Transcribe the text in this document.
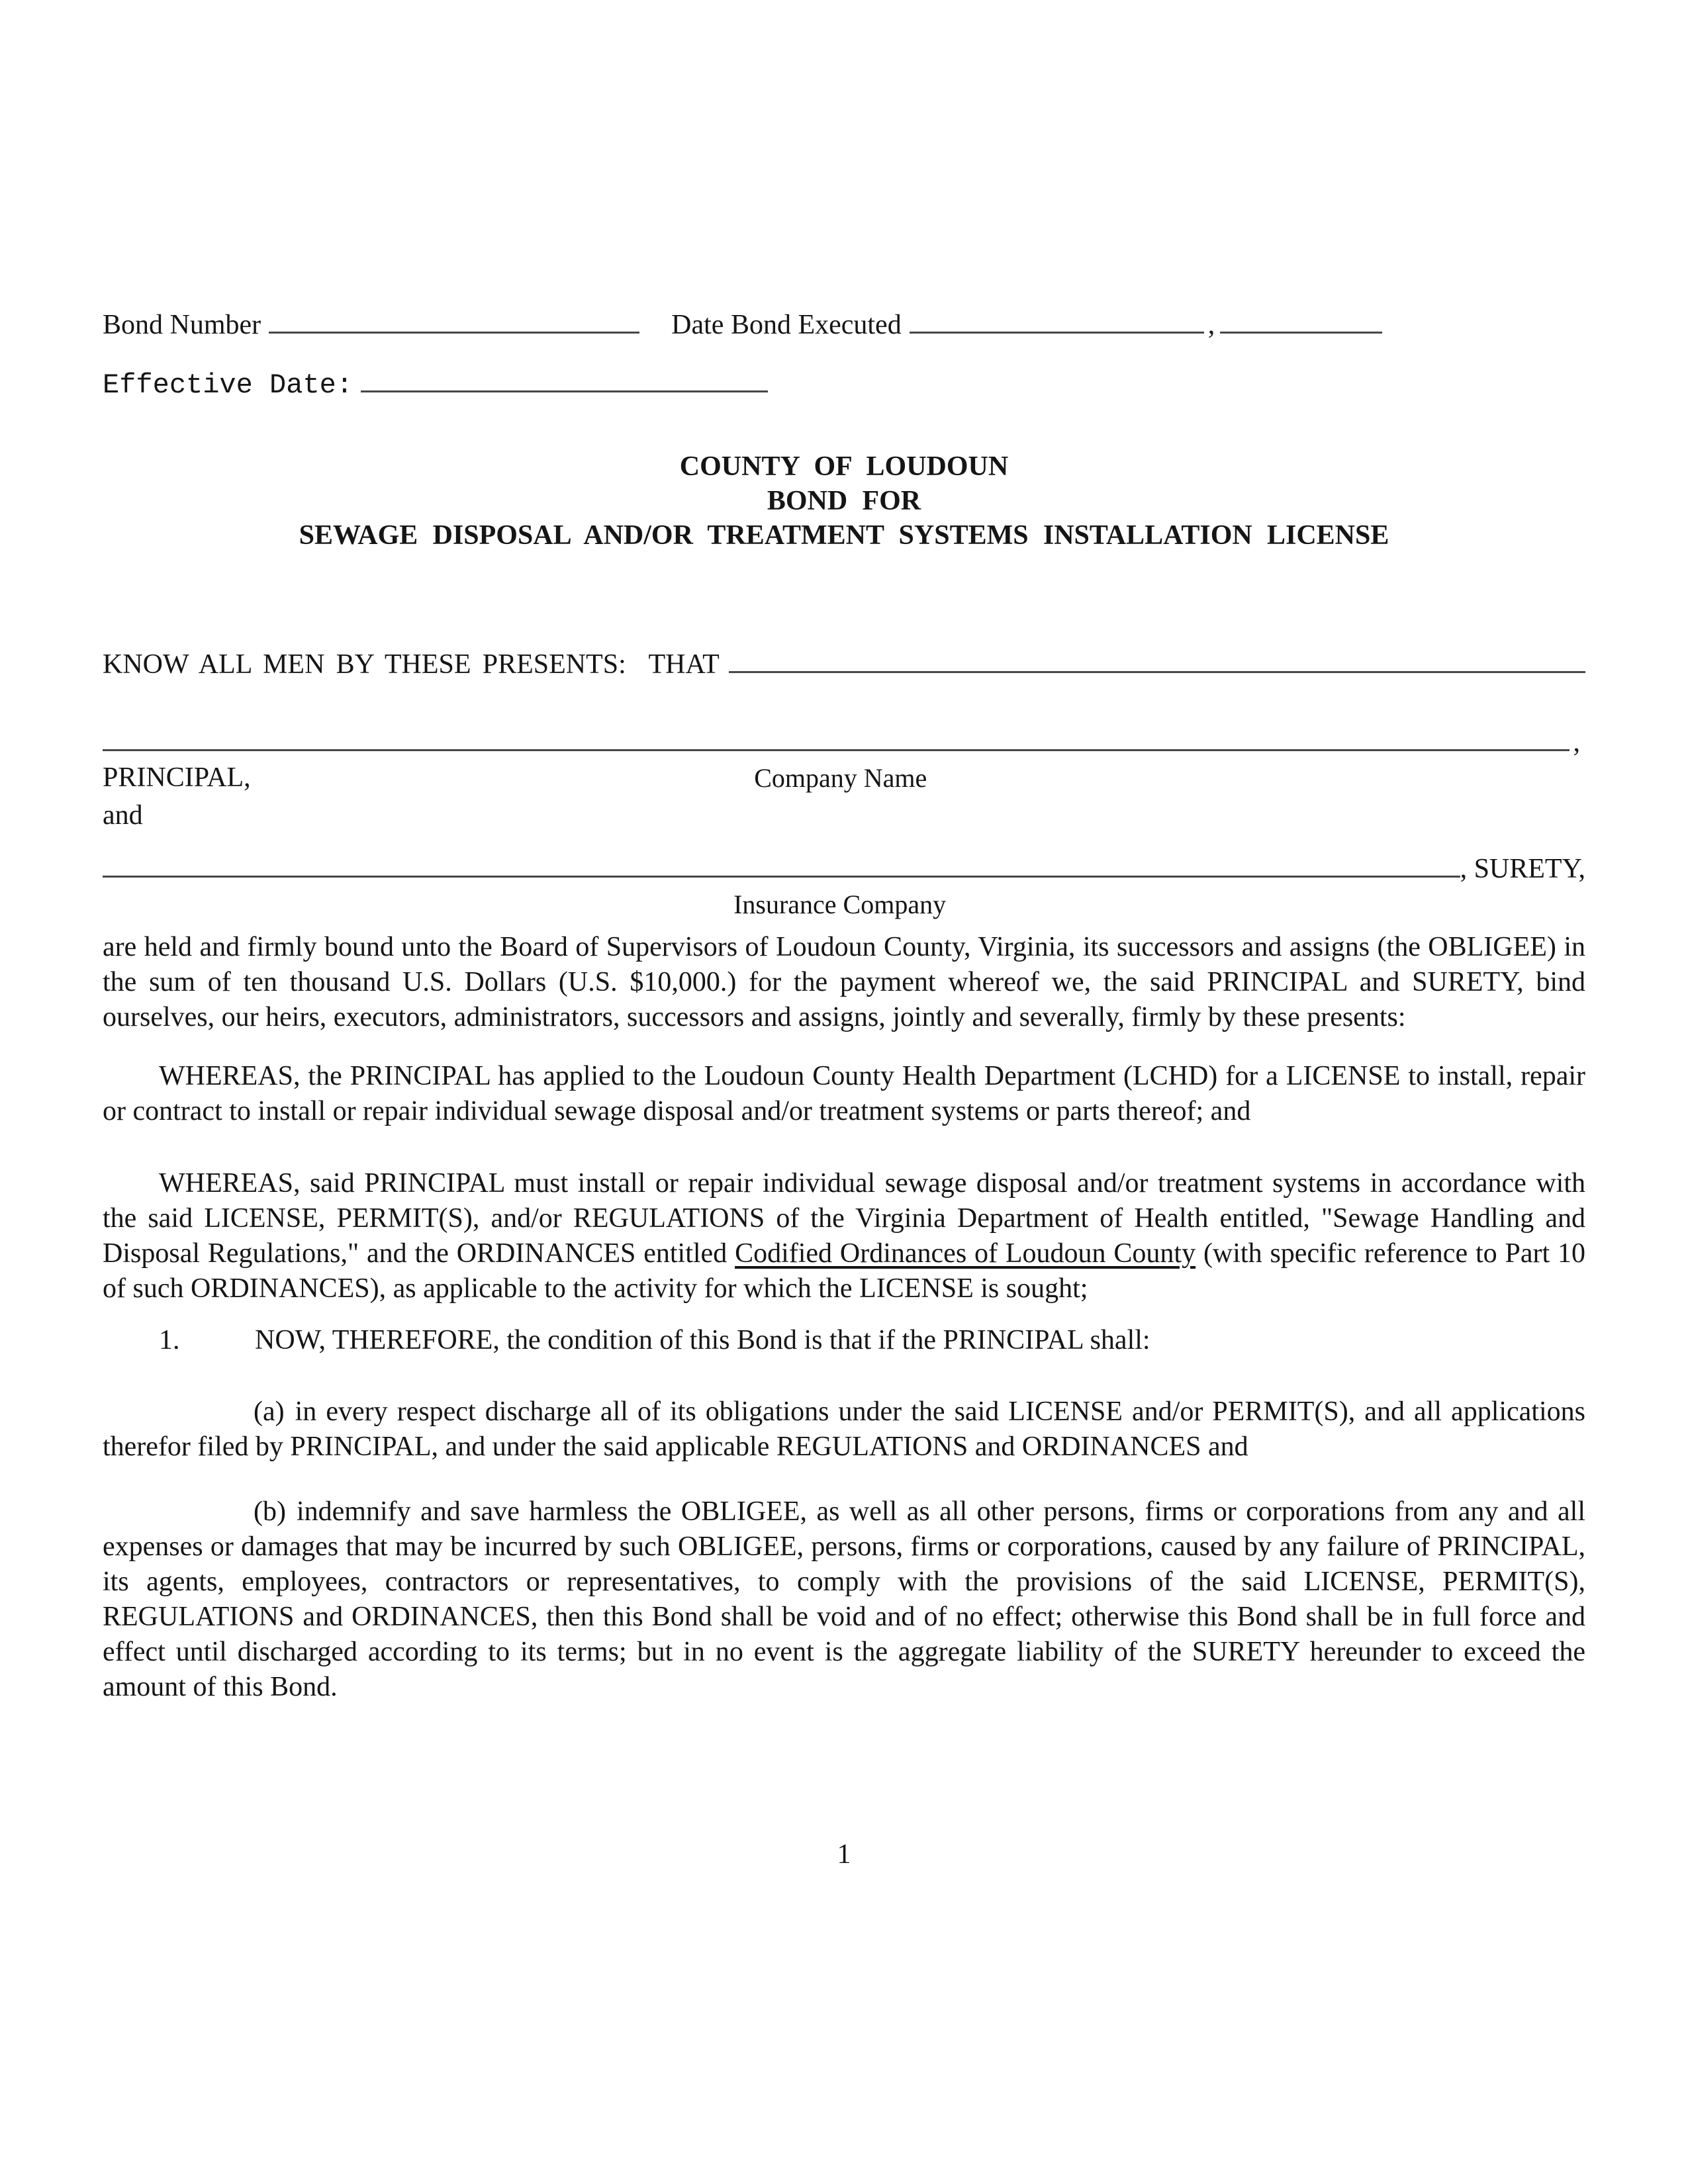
Bond Number	Date Bond Executed	,
Effective Date:
COUNTY OF LOUDOUN
BOND FOR
SEWAGE DISPOSAL AND/OR TREATMENT SYSTEMS INSTALLATION LICENSE
KNOW ALL MEN BY THESE PRESENTS:  THAT
,
PRINCIPAL,	Company Name
and
, SURETY,
Insurance Company

are held and firmly bound unto the Board of Supervisors of Loudoun County, Virginia, its successors and assigns (the OBLIGEE) in the sum of ten thousand U.S. Dollars (U.S. $10,000.) for the payment whereof we, the said PRINCIPAL and SURETY, bind ourselves, our heirs, executors, administrators, successors and assigns, jointly and severally, firmly by these presents:

WHEREAS, the PRINCIPAL has applied to the Loudoun County Health Department (LCHD) for a LICENSE to install, repair or contract to install or repair individual sewage disposal and/or treatment systems or parts thereof; and

WHEREAS, said PRINCIPAL must install or repair individual sewage disposal and/or treatment systems in accordance with the said LICENSE, PERMIT(S), and/or REGULATIONS of the Virginia Department of Health entitled, "Sewage Handling and Disposal Regulations," and the ORDINANCES entitled Codified Ordinances of Loudoun County (with specific reference to Part 10 of such ORDINANCES), as applicable to the activity for which the LICENSE is sought;

1.	NOW, THEREFORE, the condition of this Bond is that if the PRINCIPAL shall:

(a) in every respect discharge all of its obligations under the said LICENSE and/or PERMIT(S), and all applications therefor filed by PRINCIPAL, and under the said applicable REGULATIONS and ORDINANCES and

(b) indemnify and save harmless the OBLIGEE, as well as all other persons, firms or corporations from any and all expenses or damages that may be incurred by such OBLIGEE, persons, firms or corporations, caused by any failure of PRINCIPAL, its agents, employees, contractors or representatives, to comply with the provisions of the said LICENSE, PERMIT(S), REGULATIONS and ORDINANCES, then this Bond shall be void and of no effect; otherwise this Bond shall be in full force and effect until discharged according to its terms; but in no event is the aggregate liability of the SURETY hereunder to exceed the amount of this Bond.

1
